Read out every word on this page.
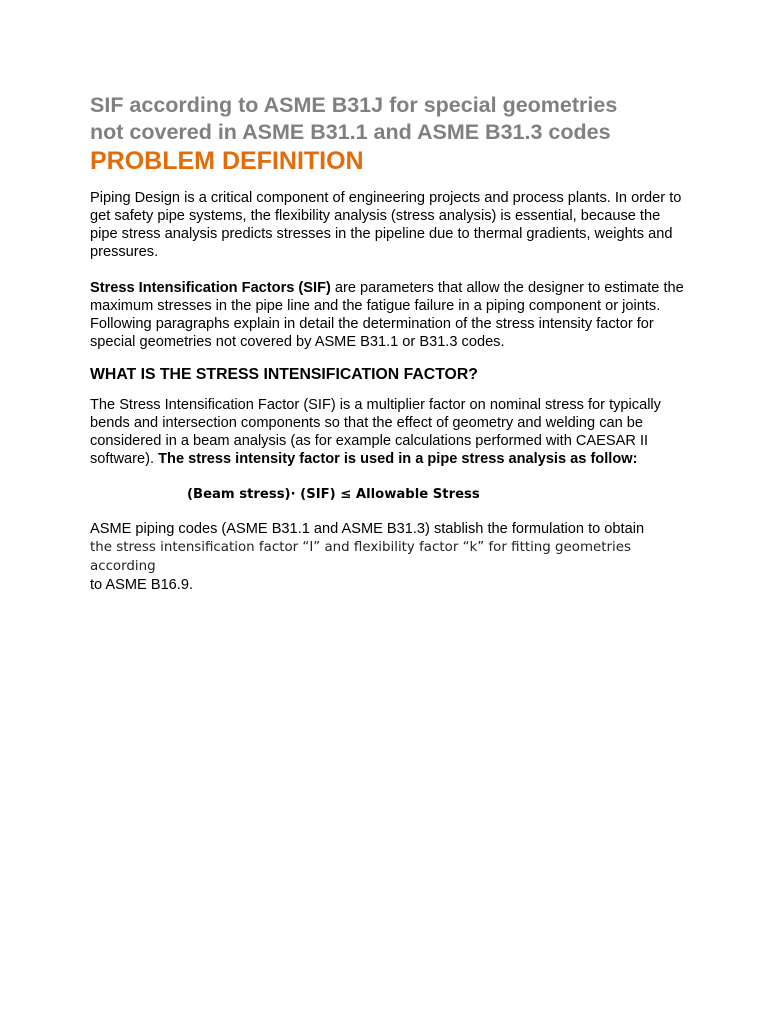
SIF according to ASME B31J for special geometries
not covered in ASME B31.1 and ASME B31.3 codes
PROBLEM DEFINITION

Piping Design is a critical component of engineering projects and process plants. In order to get safety pipe systems, the flexibility analysis (stress analysis) is essential, because the pipe stress analysis predicts stresses in the pipeline due to thermal gradients, weights and pressures.

Stress Intensification Factors (SIF) are parameters that allow the designer to estimate the maximum stresses in the pipe line and the fatigue failure in a piping component or joints. Following paragraphs explain in detail the determination of the stress intensity factor for special geometries not covered by ASME B31.1 or B31.3 codes.

WHAT IS THE STRESS INTENSIFICATION FACTOR?

The Stress Intensification Factor (SIF) is a multiplier factor on nominal stress for typically bends and intersection components so that the effect of geometry and welding can be considered in a beam analysis (as for example calculations performed with CAESAR II software). The stress intensity factor is used in a pipe stress analysis as follow:

(Beam stress)· (SIF) ≤ Allowable Stress

ASME piping codes (ASME B31.1 and ASME B31.3) stablish the formulation to obtain
the stress intensification factor “I” and flexibility factor “k” for fitting geometries according
to ASME B16.9.
